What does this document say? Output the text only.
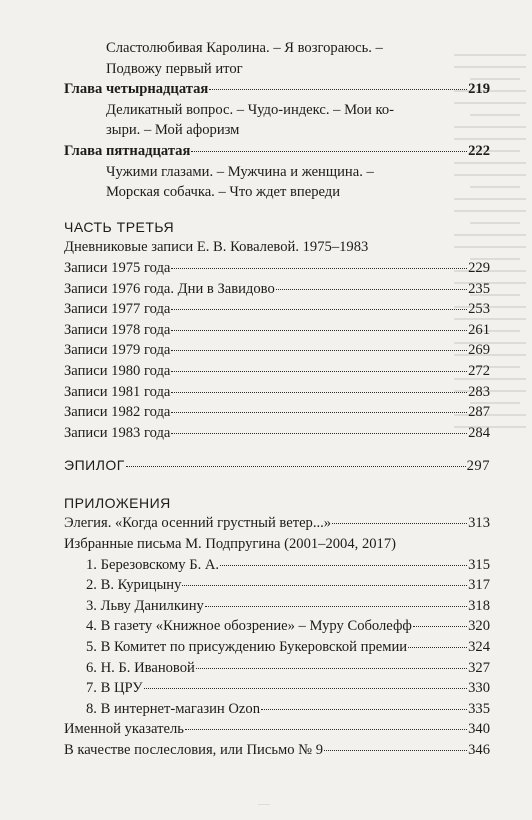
Сластолюбивая Каролина. – Я возгораюсь. –

Подвожу первый итог

Глава четырнадцатая	219

Деликатный вопрос. – Чудо-индекс. – Мои ко-

зыри. – Мой афоризм

Глава пятнадцатая	222

Чужими глазами. – Мужчина и женщина. –

Морская собачка. – Что ждет впереди

ЧАСТЬ ТРЕТЬЯ
Дневниковые записи Е. В. Ковалевой. 1975–1983
Записи 1975 года	229
Записи 1976 года. Дни в Завидово	235
Записи 1977 года	253
Записи 1978 года	261
Записи 1979 года	269
Записи 1980 года	272
Записи 1981 года	283
Записи 1982 года	287
Записи 1983 года	284
ЭПИЛОГ	297
ПРИЛОЖЕНИЯ
Элегия. «Когда осенний грустный ветер...»	313
Избранные письма М. Подпругина (2001–2004, 2017)
1. Березовскому Б. А.	315
2. В. Курицыну	317
3. Льву Данилкину	318
4. В газету «Книжное обозрение» – Муру Соболефф	320
5. В Комитет по присуждению Букеровской премии	324
6. Н. Б. Ивановой	327
7. В ЦРУ	330
8. В интернет-магазин Ozon	335
Именной указатель	340
В качестве послесловия, или Письмо № 9	346
—
